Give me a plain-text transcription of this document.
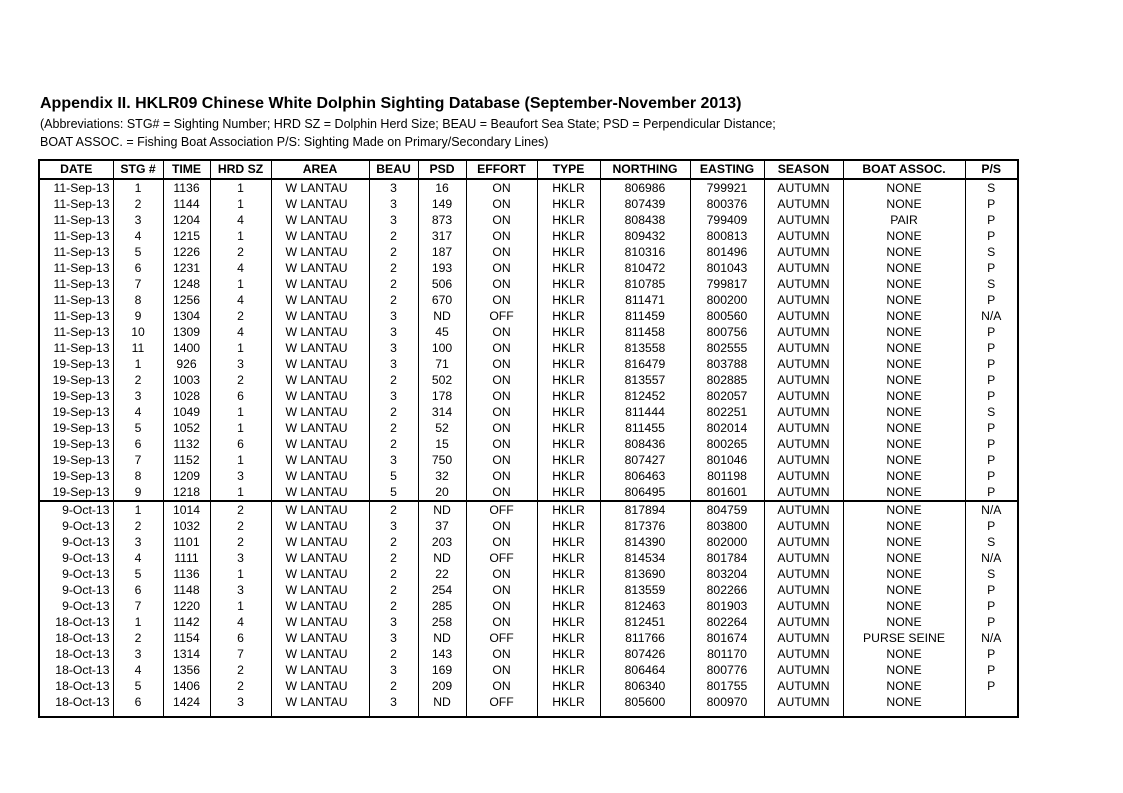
Appendix II. HKLR09 Chinese White Dolphin Sighting Database (September-November 2013)

(Abbreviations: STG# = Sighting Number; HRD SZ = Dolphin Herd Size; BEAU = Beaufort Sea State; PSD = Perpendicular Distance;

BOAT ASSOC. = Fishing Boat Association P/S: Sighting Made on Primary/Secondary Lines)

DATE	STG #	TIME	HRD SZ	AREA	BEAU	PSD	EFFORT	TYPE	NORTHING	EASTING	SEASON	BOAT ASSOC.	P/S
11-Sep-13	1	1136	1	W LANTAU	3	16	ON	HKLR	806986	799921	AUTUMN	NONE	S
11-Sep-13	2	1144	1	W LANTAU	3	149	ON	HKLR	807439	800376	AUTUMN	NONE	P
11-Sep-13	3	1204	4	W LANTAU	3	873	ON	HKLR	808438	799409	AUTUMN	PAIR	P
11-Sep-13	4	1215	1	W LANTAU	2	317	ON	HKLR	809432	800813	AUTUMN	NONE	P
11-Sep-13	5	1226	2	W LANTAU	2	187	ON	HKLR	810316	801496	AUTUMN	NONE	S
11-Sep-13	6	1231	4	W LANTAU	2	193	ON	HKLR	810472	801043	AUTUMN	NONE	P
11-Sep-13	7	1248	1	W LANTAU	2	506	ON	HKLR	810785	799817	AUTUMN	NONE	S
11-Sep-13	8	1256	4	W LANTAU	2	670	ON	HKLR	811471	800200	AUTUMN	NONE	P
11-Sep-13	9	1304	2	W LANTAU	3	ND	OFF	HKLR	811459	800560	AUTUMN	NONE	N/A
11-Sep-13	10	1309	4	W LANTAU	3	45	ON	HKLR	811458	800756	AUTUMN	NONE	P
11-Sep-13	11	1400	1	W LANTAU	3	100	ON	HKLR	813558	802555	AUTUMN	NONE	P
19-Sep-13	1	926	3	W LANTAU	3	71	ON	HKLR	816479	803788	AUTUMN	NONE	P
19-Sep-13	2	1003	2	W LANTAU	2	502	ON	HKLR	813557	802885	AUTUMN	NONE	P
19-Sep-13	3	1028	6	W LANTAU	3	178	ON	HKLR	812452	802057	AUTUMN	NONE	P
19-Sep-13	4	1049	1	W LANTAU	2	314	ON	HKLR	811444	802251	AUTUMN	NONE	S
19-Sep-13	5	1052	1	W LANTAU	2	52	ON	HKLR	811455	802014	AUTUMN	NONE	P
19-Sep-13	6	1132	6	W LANTAU	2	15	ON	HKLR	808436	800265	AUTUMN	NONE	P
19-Sep-13	7	1152	1	W LANTAU	3	750	ON	HKLR	807427	801046	AUTUMN	NONE	P
19-Sep-13	8	1209	3	W LANTAU	5	32	ON	HKLR	806463	801198	AUTUMN	NONE	P
19-Sep-13	9	1218	1	W LANTAU	5	20	ON	HKLR	806495	801601	AUTUMN	NONE	P
9-Oct-13	1	1014	2	W LANTAU	2	ND	OFF	HKLR	817894	804759	AUTUMN	NONE	N/A
9-Oct-13	2	1032	2	W LANTAU	3	37	ON	HKLR	817376	803800	AUTUMN	NONE	P
9-Oct-13	3	1101	2	W LANTAU	2	203	ON	HKLR	814390	802000	AUTUMN	NONE	S
9-Oct-13	4	1111	3	W LANTAU	2	ND	OFF	HKLR	814534	801784	AUTUMN	NONE	N/A
9-Oct-13	5	1136	1	W LANTAU	2	22	ON	HKLR	813690	803204	AUTUMN	NONE	S
9-Oct-13	6	1148	3	W LANTAU	2	254	ON	HKLR	813559	802266	AUTUMN	NONE	P
9-Oct-13	7	1220	1	W LANTAU	2	285	ON	HKLR	812463	801903	AUTUMN	NONE	P
18-Oct-13	1	1142	4	W LANTAU	3	258	ON	HKLR	812451	802264	AUTUMN	NONE	P
18-Oct-13	2	1154	6	W LANTAU	3	ND	OFF	HKLR	811766	801674	AUTUMN	PURSE SEINE	N/A
18-Oct-13	3	1314	7	W LANTAU	2	143	ON	HKLR	807426	801170	AUTUMN	NONE	P
18-Oct-13	4	1356	2	W LANTAU	3	169	ON	HKLR	806464	800776	AUTUMN	NONE	P
18-Oct-13	5	1406	2	W LANTAU	2	209	ON	HKLR	806340	801755	AUTUMN	NONE	P
18-Oct-13	6	1424	3	W LANTAU	3	ND	OFF	HKLR	805600	800970	AUTUMN	NONE	
